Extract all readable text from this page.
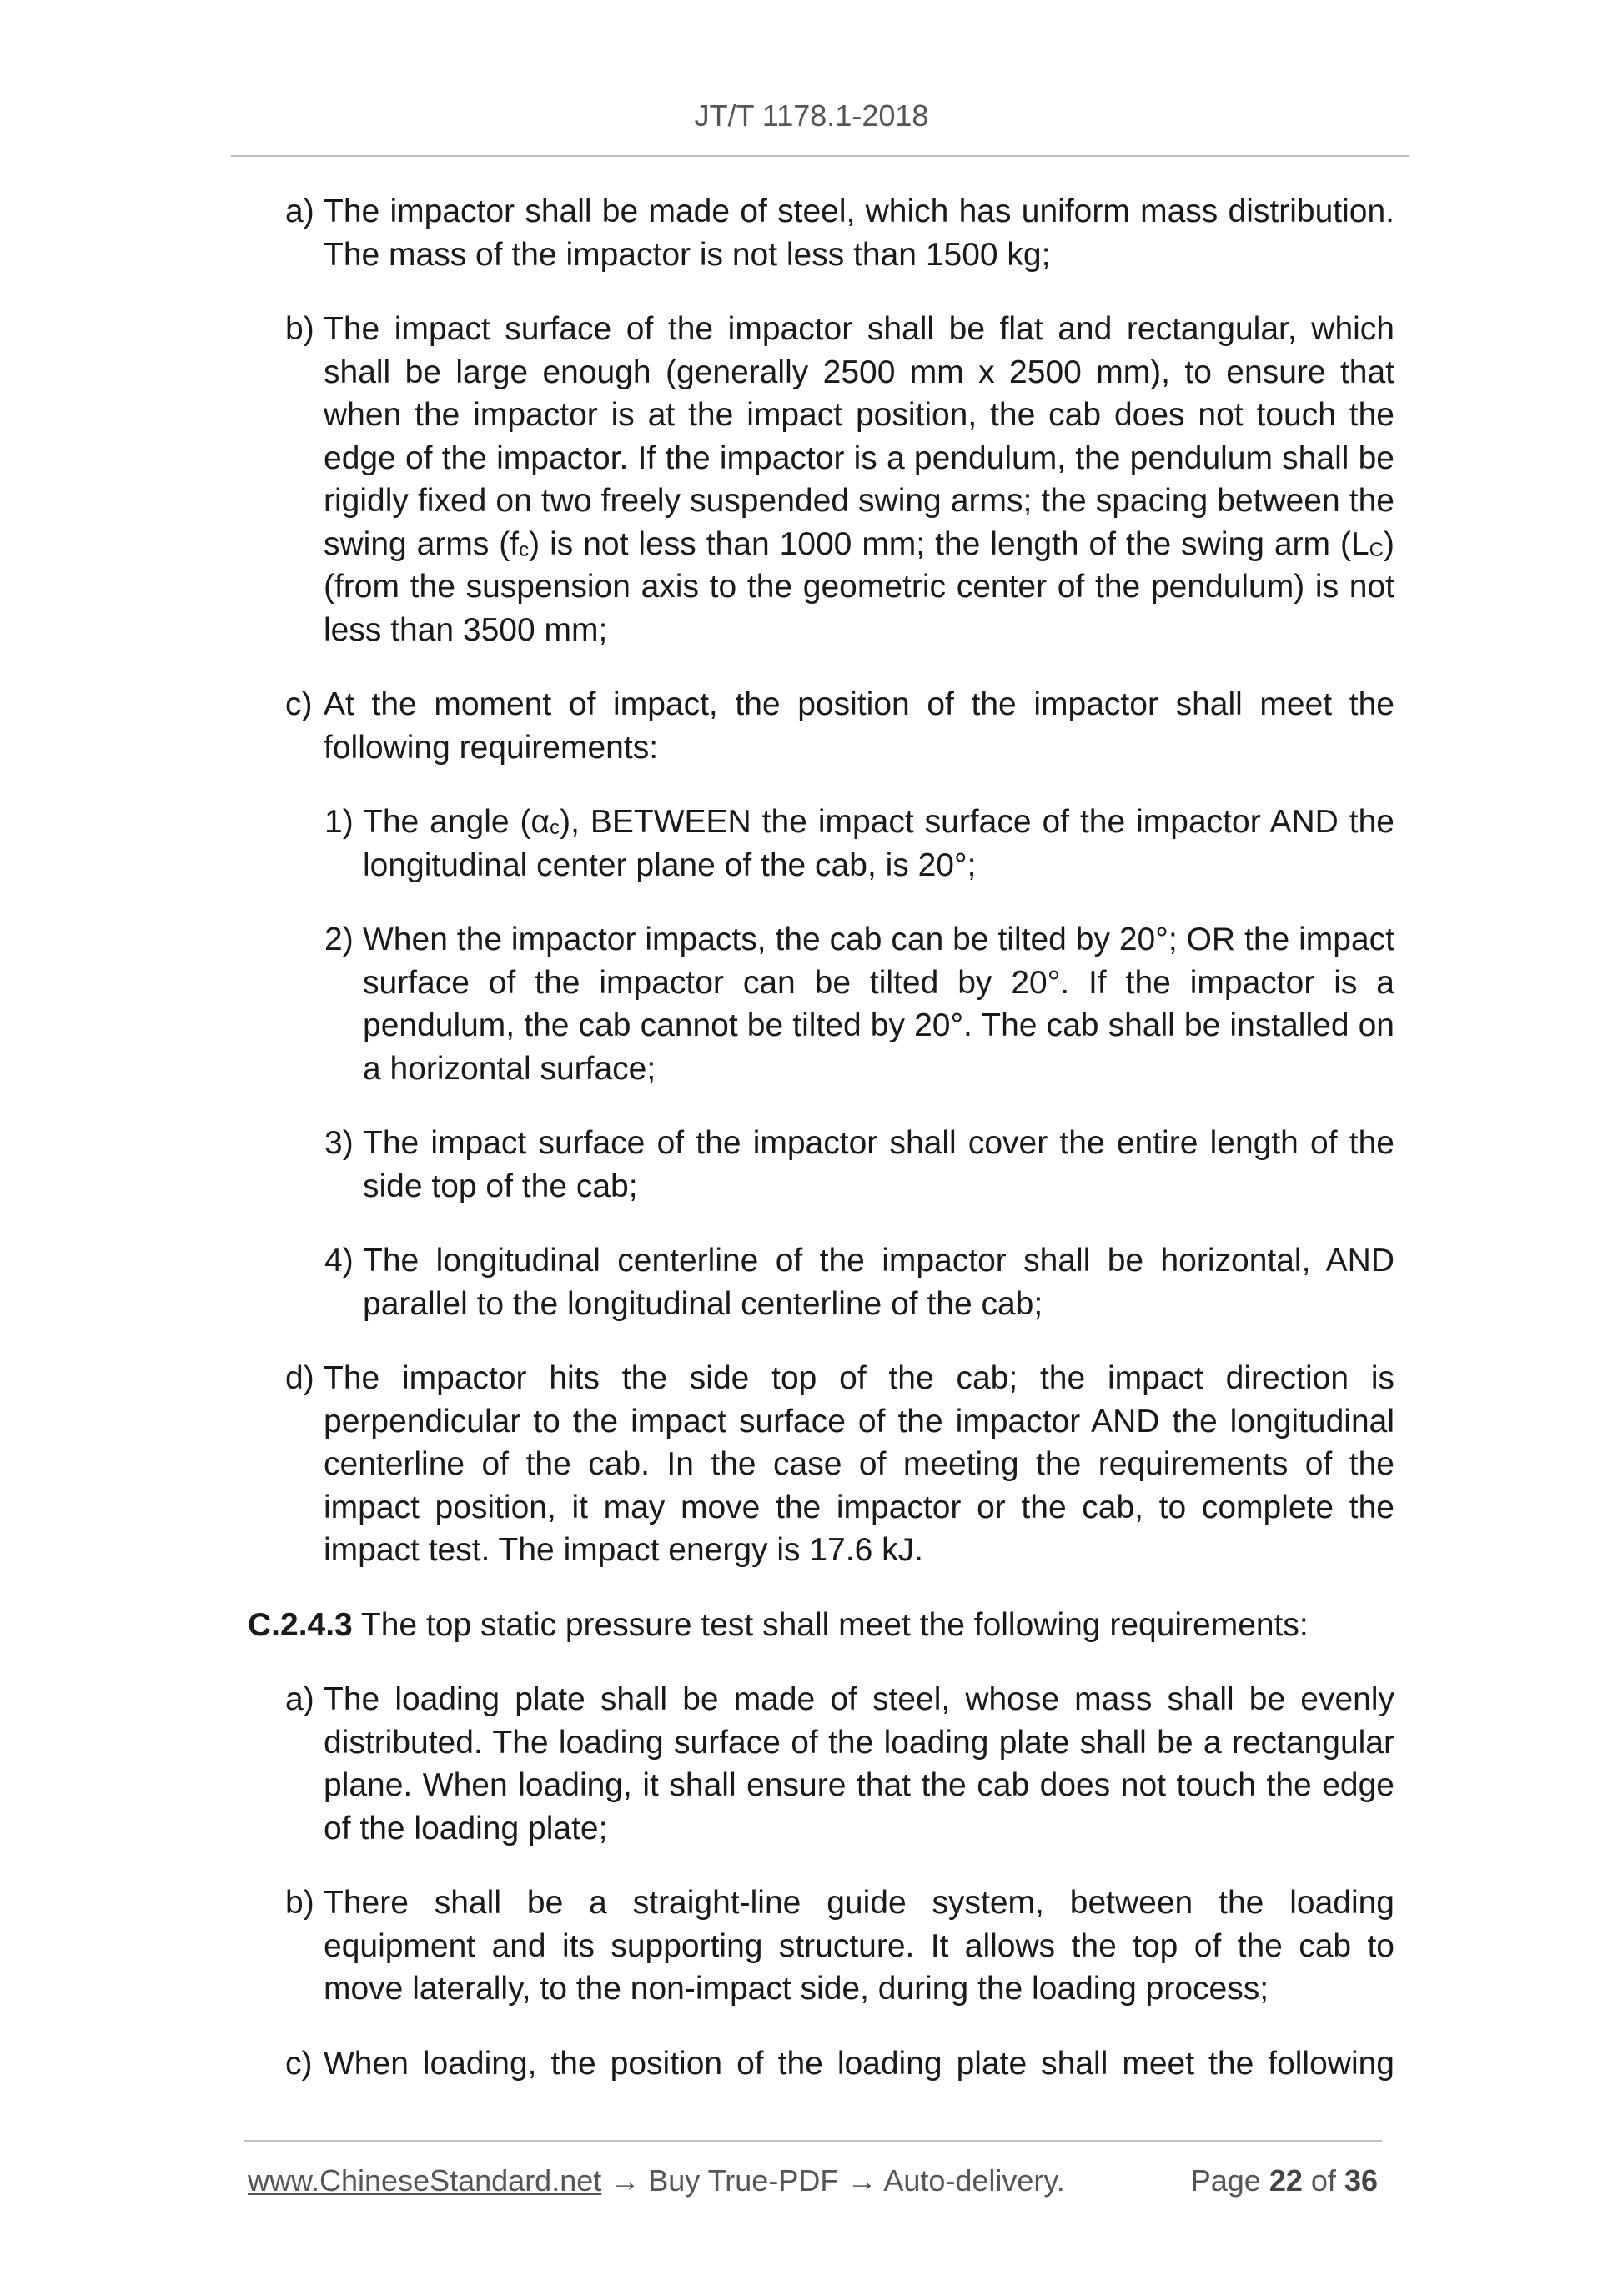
JT/T 1178.1-2018
a) The impactor shall be made of steel, which has uniform mass distribution. The mass of the impactor is not less than 1500 kg;
b) The impact surface of the impactor shall be flat and rectangular, which shall be large enough (generally 2500 mm x 2500 mm), to ensure that when the impactor is at the impact position, the cab does not touch the edge of the impactor. If the impactor is a pendulum, the pendulum shall be rigidly fixed on two freely suspended swing arms; the spacing between the swing arms $(f_c)$ is not less than 1000 mm; the length of the swing arm $(L_C)$ (from the suspension axis to the geometric center of the pendulum) is not less than 3500 mm;
c) At the moment of impact, the position of the impactor shall meet the following requirements:
1) The angle $(\alpha_c)$, BETWEEN the impact surface of the impactor AND the longitudinal center plane of the cab, is 20°;
2) When the impactor impacts, the cab can be tilted by 20°; OR the impact surface of the impactor can be tilted by 20°. If the impactor is a pendulum, the cab cannot be tilted by 20°. The cab shall be installed on a horizontal surface;
3) The impact surface of the impactor shall cover the entire length of the side top of the cab;
4) The longitudinal centerline of the impactor shall be horizontal, AND parallel to the longitudinal centerline of the cab;
d) The impactor hits the side top of the cab; the impact direction is perpendicular to the impact surface of the impactor AND the longitudinal centerline of the cab. In the case of meeting the requirements of the impact position, it may move the impactor or the cab, to complete the impact test. The impact energy is 17.6 kJ.
C.2.4.3 The top static pressure test shall meet the following requirements:
a) The loading plate shall be made of steel, whose mass shall be evenly distributed. The loading surface of the loading plate shall be a rectangular plane. When loading, it shall ensure that the cab does not touch the edge of the loading plate;
b) There shall be a straight-line guide system, between the loading equipment and its supporting structure. It allows the top of the cab to move laterally, to the non-impact side, during the loading process;
c) When loading, the position of the loading plate shall meet the following
www.ChineseStandard.net → Buy True-PDF → Auto-delivery.	Page 22 of 36
